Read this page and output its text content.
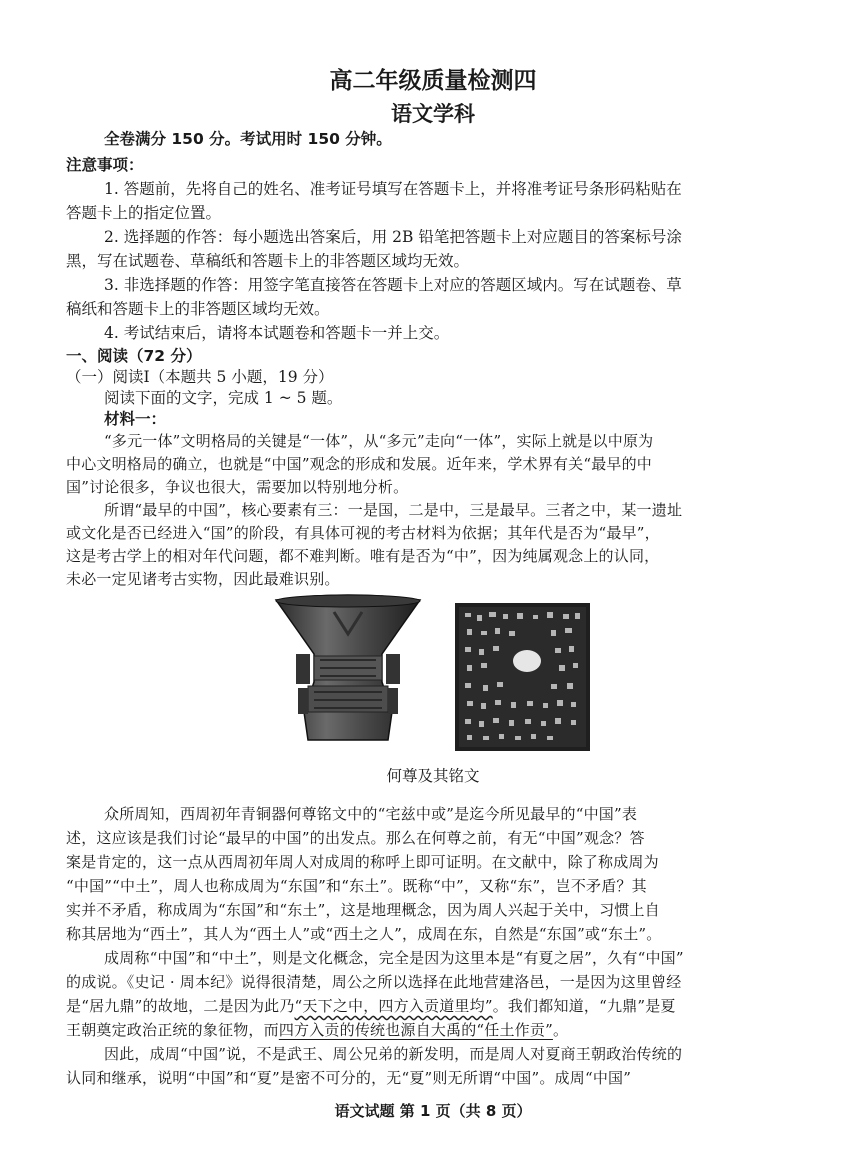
高二年级质量检测四
语文学科
全卷满分 150 分。考试用时 150 分钟。
注意事项：
1. 答题前，先将自己的姓名、准考证号填写在答题卡上，并将准考证号条形码粘贴在
答题卡上的指定位置。
2. 选择题的作答：每小题选出答案后，用 2B 铅笔把答题卡上对应题目的答案标号涂
黑，写在试题卷、草稿纸和答题卡上的非答题区域均无效。
3. 非选择题的作答：用签字笔直接答在答题卡上对应的答题区域内。写在试题卷、草
稿纸和答题卡上的非答题区域均无效。
4. 考试结束后，请将本试题卷和答题卡一并上交。
一、阅读（72 分）
（一）阅读Ⅰ（本题共 5 小题，19 分）
阅读下面的文字，完成 1 ~ 5 题。
材料一：
“多元一体”文明格局的关键是“一体”，从“多元”走向“一体”，实际上就是以中原为
中心文明格局的确立，也就是“中国”观念的形成和发展。近年来，学术界有关“最早的中
国”讨论很多，争议也很大，需要加以特别地分析。
所谓“最早的中国”，核心要素有三：一是国，二是中，三是最早。三者之中，某一遗址
或文化是否已经进入“国”的阶段，有具体可视的考古材料为依据；其年代是否为“最早”，
这是考古学上的相对年代问题，都不难判断。唯有是否为“中”，因为纯属观念上的认同，
未必一定见诸考古实物，因此最难识别。
何尊及其铭文
众所周知，西周初年青铜器何尊铭文中的“宅兹中或”是迄今所见最早的“中国”表
述，这应该是我们讨论“最早的中国”的出发点。那么在何尊之前，有无“中国”观念？答
案是肯定的，这一点从西周初年周人对成周的称呼上即可证明。在文献中，除了称成周为
“中国”“中土”，周人也称成周为“东国”和“东土”。既称“中”，又称“东”，岂不矛盾？其
实并不矛盾，称成周为“东国”和“东土”，这是地理概念，因为周人兴起于关中，习惯上自
称其居地为“西土”，其人为“西土人”或“西土之人”，成周在东，自然是“东国”或“东土”。
成周称“中国”和“中土”，则是文化概念，完全是因为这里本是“有夏之居”，久有“中国”
的成说。《史记 · 周本纪》说得很清楚，周公之所以选择在此地营建洛邑，一是因为这里曾经
是“居九鼎”的故地，二是因为此乃“天下之中，四方入贡道里均”。我们都知道，“九鼎”是夏
王朝奠定政治正统的象征物，而四方入贡的传统也源自大禹的“任土作贡”。
因此，成周“中国”说，不是武王、周公兄弟的新发明，而是周人对夏商王朝政治传统的
认同和继承，说明“中国”和“夏”是密不可分的，无“夏”则无所谓“中国”。成周“中国”
语文试题 第 1 页（共 8 页）
